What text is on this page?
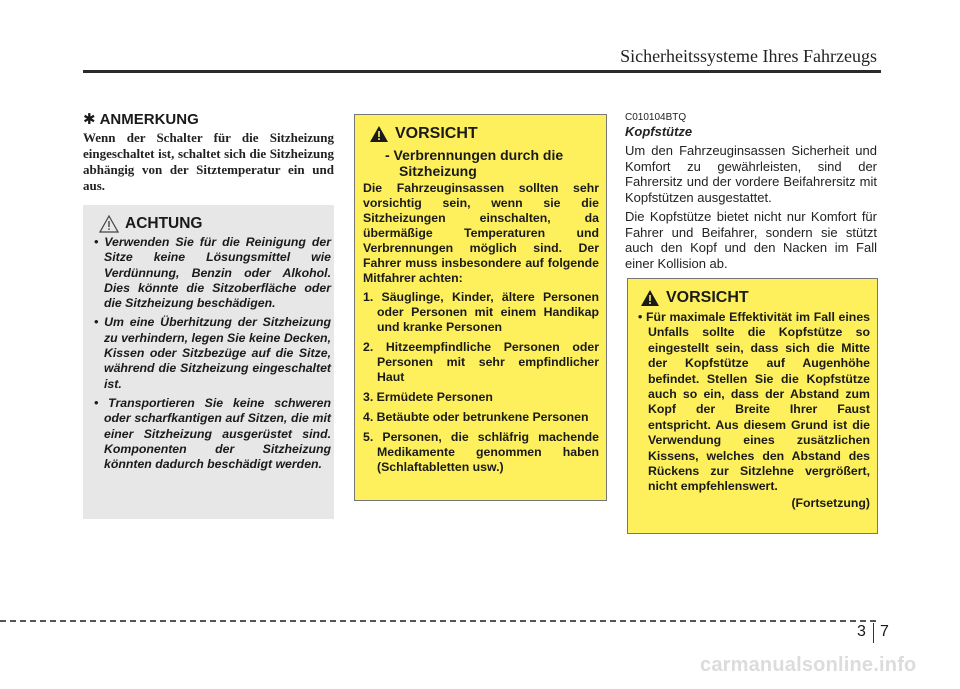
Sicherheitssysteme Ihres Fahrzeugs
✱ ANMERKUNG
Wenn der Schalter für die Sitzheizung eingeschaltet ist, schaltet sich die Sitzheizung abhängig von der Sitztemperatur ein und aus.
ACHTUNG
• Verwenden Sie für die Reinigung der Sitze keine Lösungsmittel wie Verdünnung, Benzin oder Alkohol. Dies könnte die Sitzoberfläche oder die Sitzheizung beschädigen.
• Um eine Überhitzung der Sitzheizung zu verhindern, legen Sie keine Decken, Kissen oder Sitzbezüge auf die Sitze, während die Sitzheizung eingeschaltet ist.
• Transportieren Sie keine schweren oder scharfkantigen auf Sitzen, die mit einer Sitzheizung ausgerüstet sind. Komponenten der Sitzheizung könnten dadurch beschädigt werden.
VORSICHT
- Verbrennungen durch die Sitzheizung

Die Fahrzeuginsassen sollten sehr vorsichtig sein, wenn sie die Sitzheizungen einschalten, da übermäßige Temperaturen und Verbrennungen möglich sind. Der Fahrer muss insbesondere auf folgende Mitfahrer achten:

1. Säuglinge, Kinder, ältere Personen oder Personen mit einem Handikap und kranke Personen
2. Hitzeempfindliche Personen oder Personen mit sehr empfindlicher Haut
3. Ermüdete Personen
4. Betäubte oder betrunkene Personen
5. Personen, die schläfrig machende Medikamente genommen haben (Schlaftabletten usw.)
C010104BTQ
Kopfstütze

Um den Fahrzeuginsassen Sicherheit und Komfort zu gewährleisten, sind der Fahrersitz und der vordere Beifahrersitz mit Kopfstützen ausgestattet.

Die Kopfstütze bietet nicht nur Komfort für Fahrer und Beifahrer, sondern sie stützt auch den Kopf und den Nacken im Fall einer Kollision ab.

VORSICHT
• Für maximale Effektivität im Fall eines Unfalls sollte die Kopfstütze so eingestellt sein, dass sich die Mitte der Kopfstütze auf Augenhöhe befindet. Stellen Sie die Kopfstütze auch so ein, dass der Abstand zum Kopf der Breite Ihrer Faust entspricht. Aus diesem Grund ist die Verwendung eines zusätzlichen Kissens, welches den Abstand des Rückens zur Sitzlehne vergrößert, nicht empfehlenswert.
(Fortsetzung)
3 7
carmanualsonline.info
